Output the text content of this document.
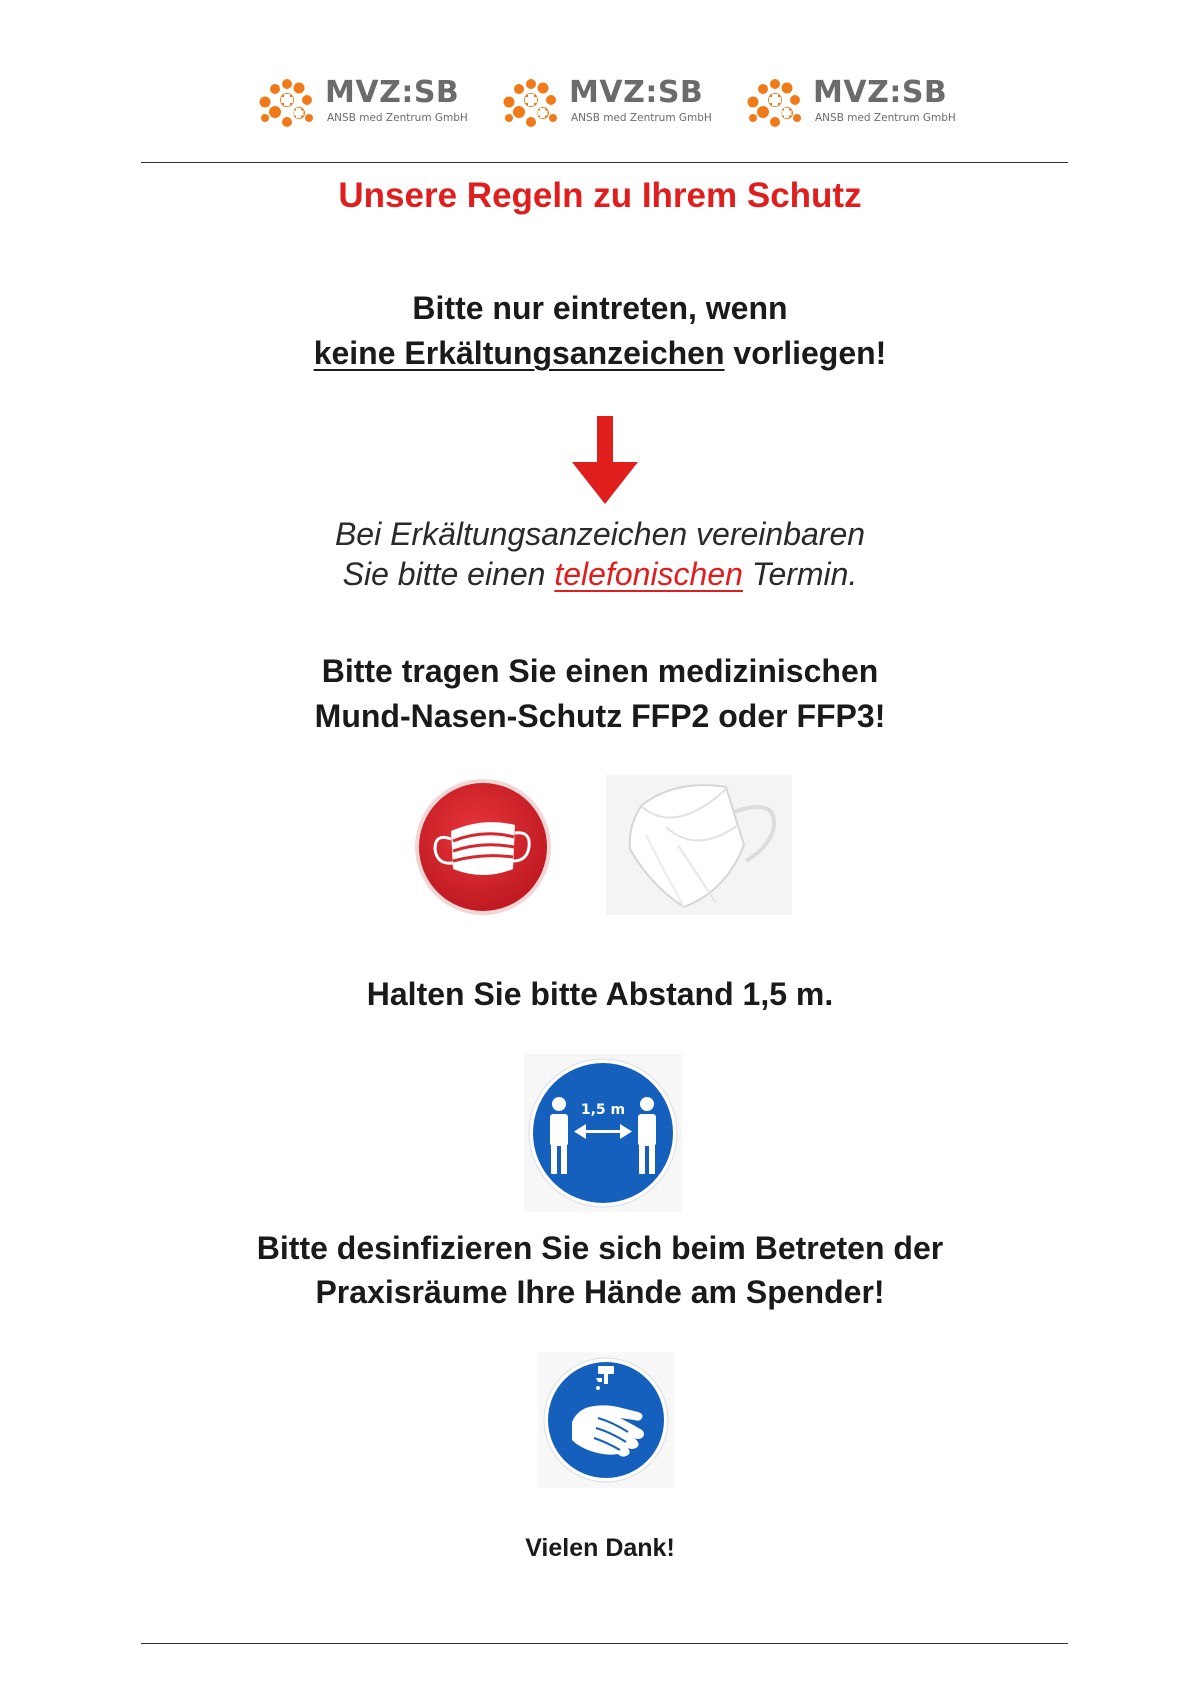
MVZ:SB
ANSB med Zentrum GmbH
MVZ:SB
ANSB med Zentrum GmbH
MVZ:SB
ANSB med Zentrum GmbH
Unsere Regeln zu Ihrem Schutz
Bitte nur eintreten, wenn
keine Erkältungsanzeichen vorliegen!
Bei Erkältungsanzeichen vereinbaren
Sie bitte einen telefonischen Termin.
Bitte tragen Sie einen medizinischen
Mund-Nasen-Schutz FFP2 oder FFP3!
Halten Sie bitte Abstand 1,5 m.
1,5 m
Bitte desinfizieren Sie sich beim Betreten der
Praxisräume Ihre Hände am Spender!
Vielen Dank!
